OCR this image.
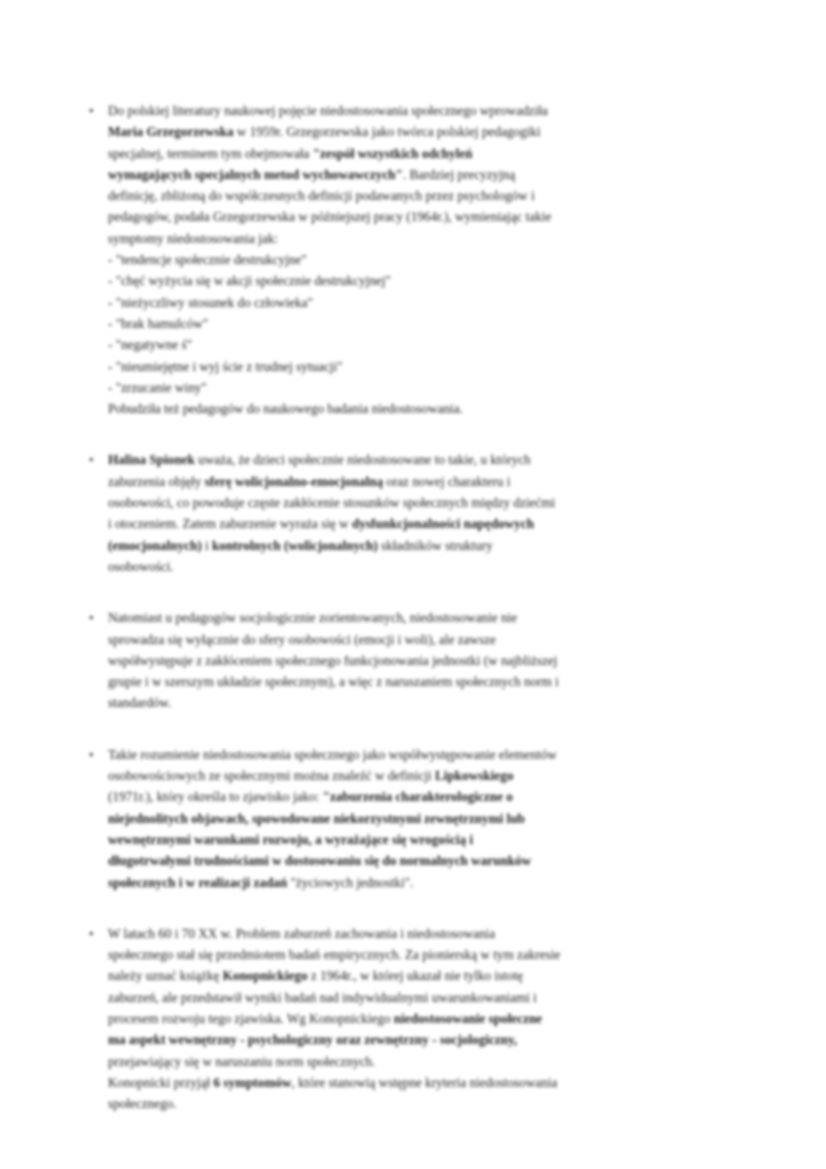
• Do polskiej literatury naukowej pojęcie niedostosowania społecznego wprowadziła
Maria Grzegorzewska w 1959r. Grzegorzewska jako twórca polskiej pedagogiki
specjalnej, terminem tym obejmowała "zespół wszystkich odchyleń
wymagających specjalnych metod wychowawczych". Bardziej precyzyjną
definicję, zbliżoną do współczesnych definicji podawanych przez psychologów i
pedagogów, podała Grzegorzewska w późniejszej pracy (1964r.), wymieniając takie
symptomy niedostosowania jak:
- "tendencje społecznie destrukcyjne"
- "chęć wyżycia się w akcji społecznie destrukcyjnej"
- "nieżyczliwy stosunek do człowieka"
- "brak hamulców"
- "negatywne ś"
- "nieumiejętne i wyj ście z trudnej sytuacji"
- "zrzucanie winy"
Pobudziła też pedagogów do naukowego badania niedostosowania.
• Halina Spionek uważa, że dzieci społecznie niedostosowane to takie, u których
zaburzenia objęły sferę wolicjonalno-emocjonalną oraz nowej charakteru i
osobowości, co powoduje częste zakłócenie stosunków społecznych między dziećmi
i otoczeniem. Zatem zaburzenie wyraża się w dysfunkcjonalności napędowych
(emocjonalnych) i kontrolnych (wolicjonalnych) składników struktury
osobowości.
• Natomiast u pedagogów socjologicznie zorientowanych, niedostosowanie nie
sprowadza się wyłącznie do sfery osobowości (emocji i woli), ale zawsze
współwystępuje z zakłóceniem społecznego funkcjonowania jednostki (w najbliższej
grupie i w szerszym układzie społecznym), a więc z naruszaniem społecznych norm i
standardów.
• Takie rozumienie niedostosowania społecznego jako współwystępowanie elementów
osobowościowych ze społecznymi można znaleźć w definicji Lipkowskiego
(1971r.), który określa to zjawisko jako: "zaburzenia charakterologiczne o
niejednolitych objawach, spowodowane niekorzystnymi zewnętrznymi lub
wewnętrznymi warunkami rozwoju, a wyrażające się wrogością i
długotrwałymi trudnościami w dostosowaniu się do normalnych warunków
społecznych i w realizacji zadań "życiowych jednostki".
• W latach 60 i 70 XX w. Problem zaburzeń zachowania i niedostosowania
społecznego stał się przedmiotem badań empirycznych. Za pionierską w tym zakresie
należy uznać książkę Konopnickiego z 1964r., w której ukazał nie tylko istotę
zaburzeń, ale przedstawił wyniki badań nad indywidualnymi uwarunkowaniami i
procesem rozwoju tego zjawiska. Wg Konopnickiego niedostosowanie społeczne
ma aspekt wewnętrzny - psychologiczny oraz zewnętrzny - socjologiczny,
przejawiający się w naruszaniu norm społecznych.
Konopnicki przyjął 6 symptomów, które stanowią wstępne kryteria niedostosowania
społecznego.
